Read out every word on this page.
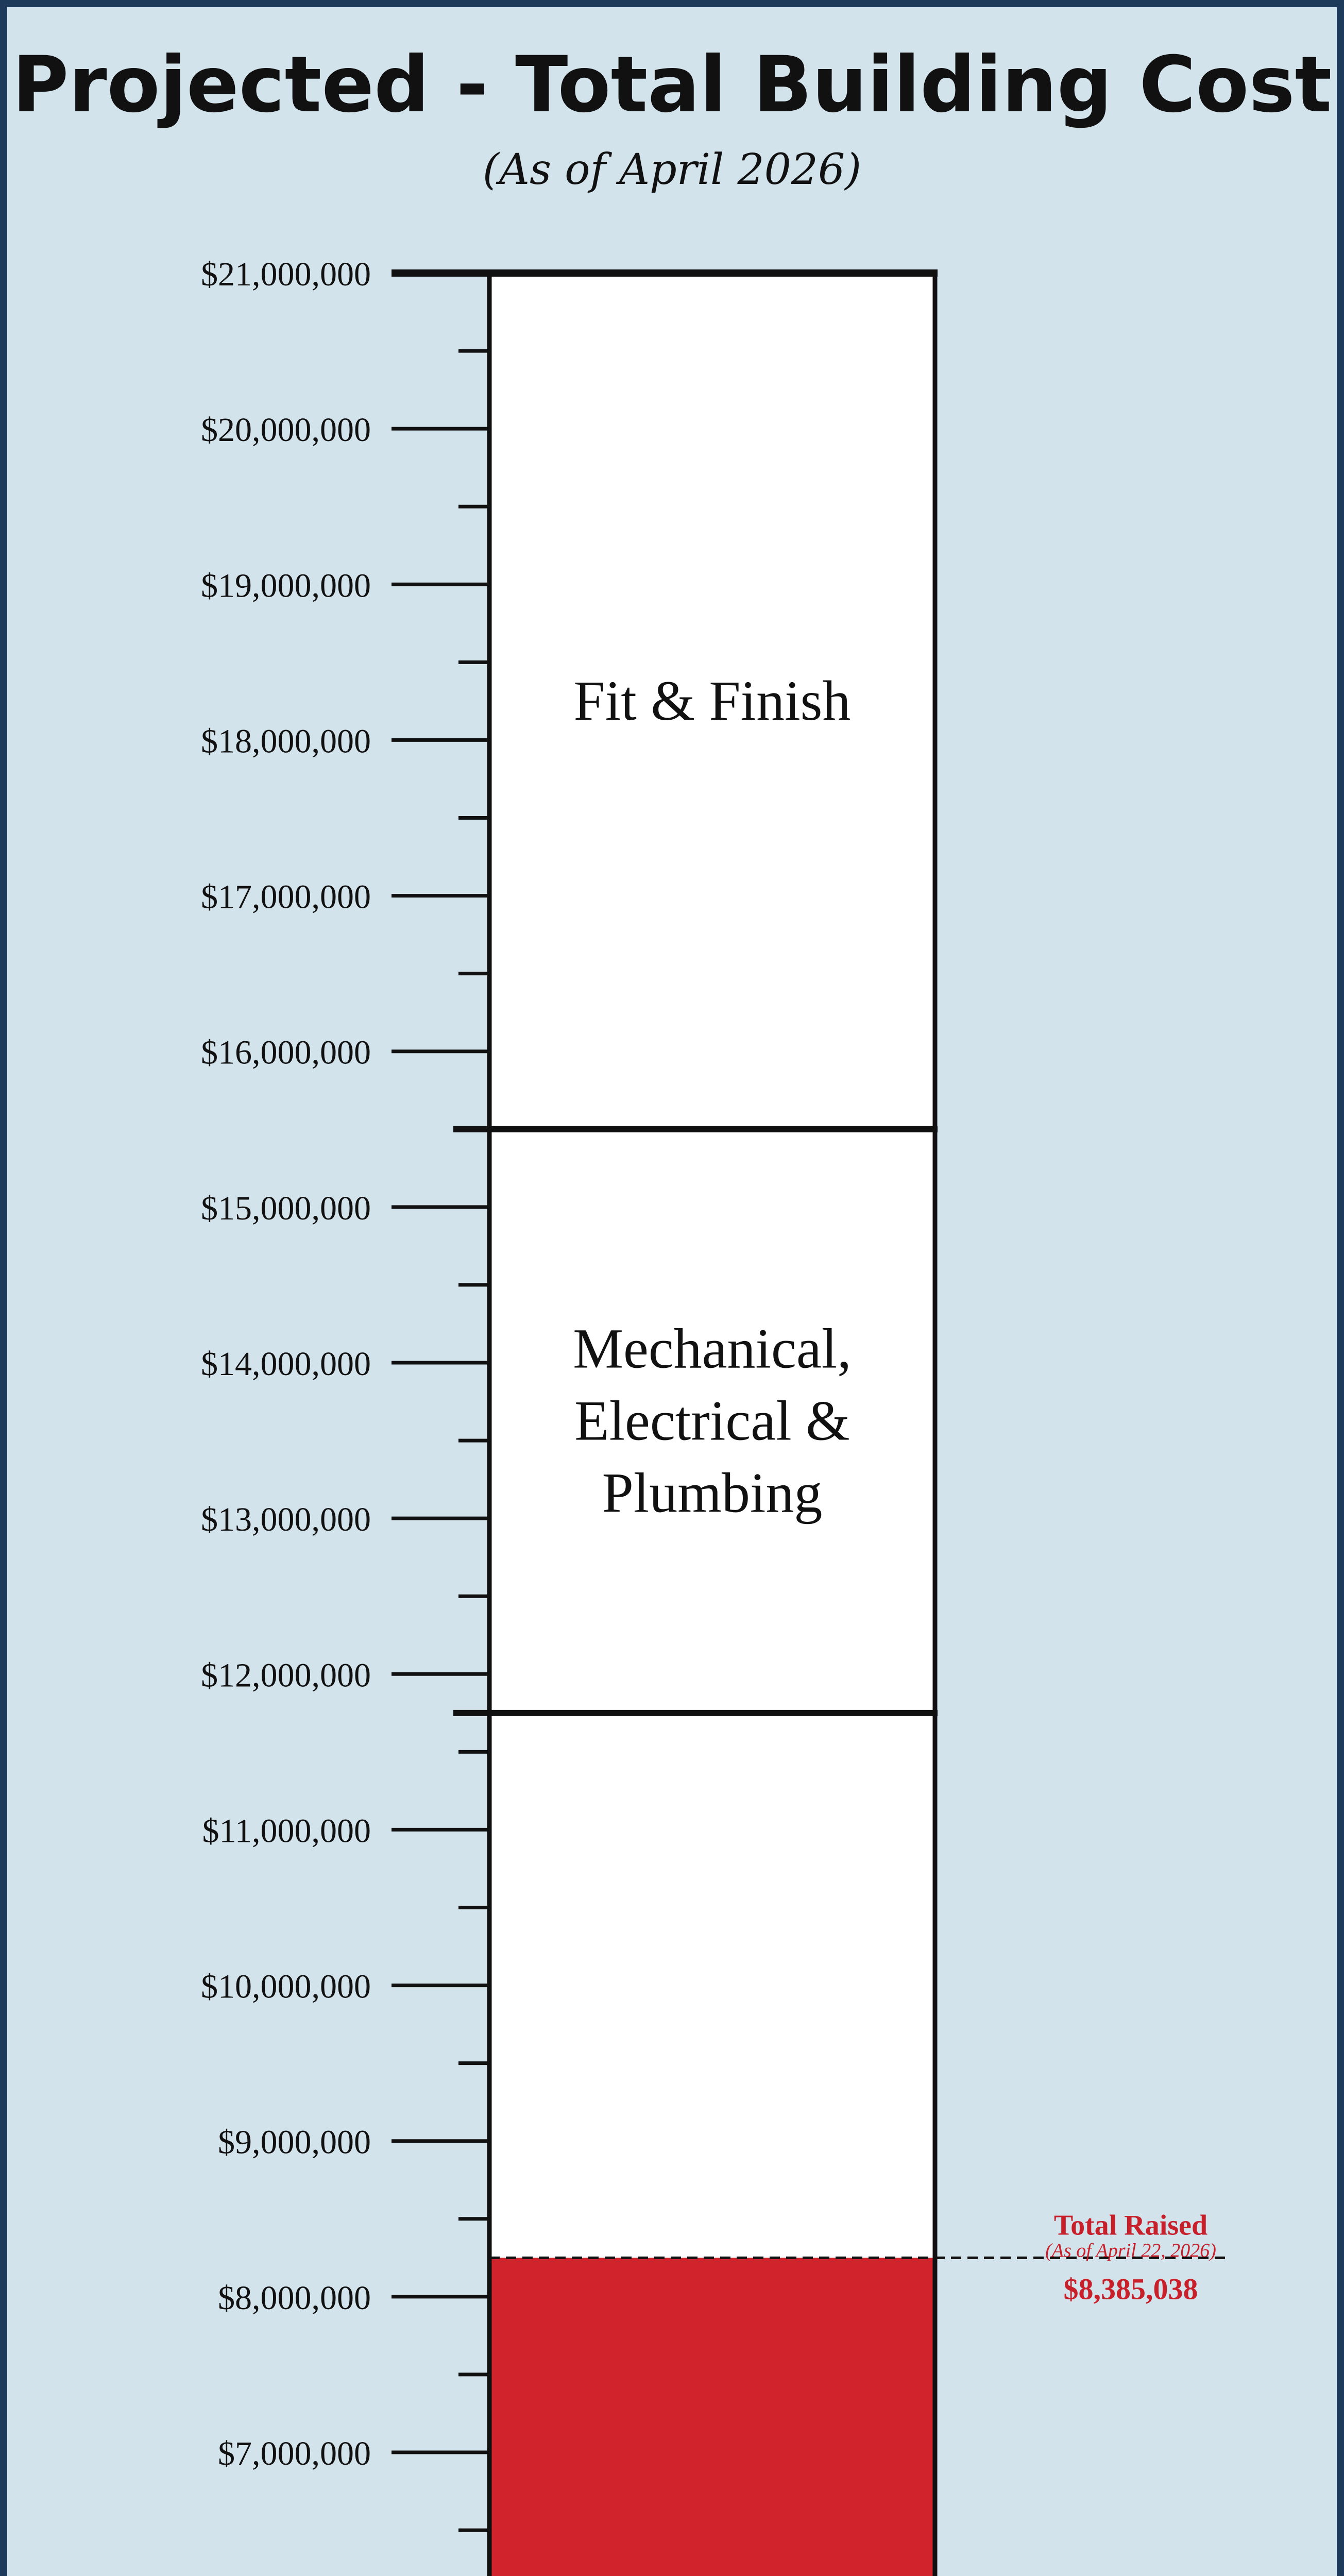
Projected - Total Building Cost
(As of April 2026)
$7,000,000
$8,000,000
$9,000,000
$10,000,000
$11,000,000
$12,000,000
$13,000,000
$14,000,000
$15,000,000
$16,000,000
$17,000,000
$18,000,000
$19,000,000
$20,000,000
$21,000,000
Mechanical,
Electrical &
Plumbing
Fit & Finish
Total Raised
(As of April 22, 2026)
$8,385,038
